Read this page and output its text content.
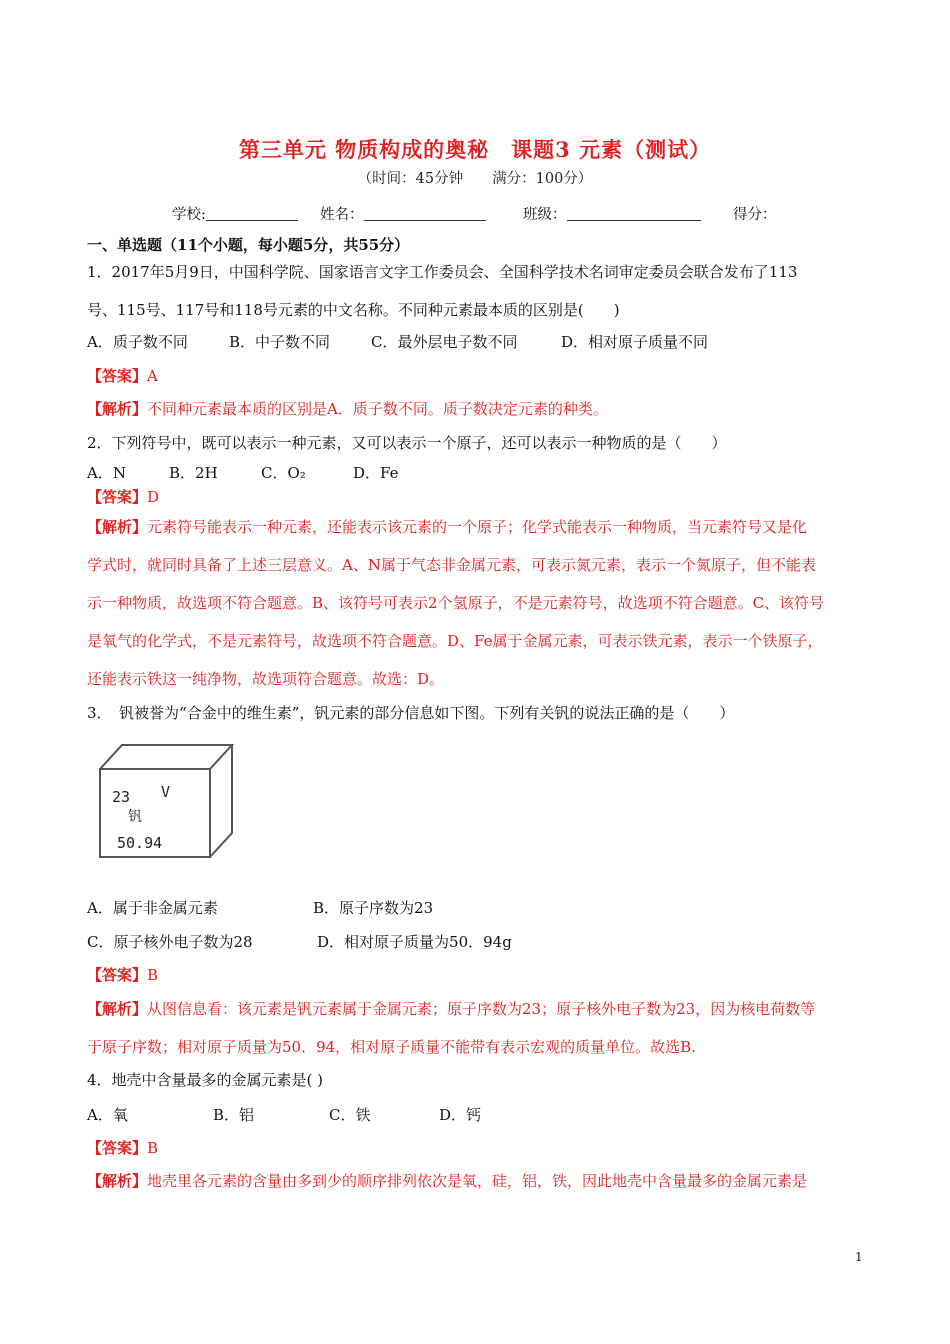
第三单元 物质构成的奥秘　课题3 元素（测试）
（时间：45分钟　　满分：100分）
学校:	姓名：	班级：	得分：
一、单选题（11个小题，每小题5分，共55分）
1．2017年5月9日，中国科学院、国家语言文字工作委员会、全国科学技术名词审定委员会联合发布了113
号、115号、117号和118号元素的中文名称。不同种元素最本质的区别是(　　)
A．质子数不同	B．中子数不同	C．最外层电子数不同	D．相对原子质量不同
【答案】A
【解析】不同种元素最本质的区别是A．质子数不同。质子数决定元素的种类。
2．下列符号中，既可以表示一种元素，又可以表示一个原子，还可以表示一种物质的是（　　）
A．N	B．2H	C．O₂	D．Fe
【答案】D
【解析】元素符号能表示一种元素，还能表示该元素的一个原子；化学式能表示一种物质，当元素符号又是化
学式时，就同时具备了上述三层意义。A、N属于气态非金属元素，可表示氮元素，表示一个氮原子，但不能表
示一种物质，故选项不符合题意。B、该符号可表示2个氢原子，不是元素符号，故选项不符合题意。C、该符号
是氧气的化学式，不是元素符号，故选项不符合题意。D、Fe属于金属元素，可表示铁元素，表示一个铁原子，
还能表示铁这一纯净物，故选项符合题意。故选：D。
3．　钒被誉为“合金中的维生素”，钒元素的部分信息如下图。下列有关钒的说法正确的是（　　）
23 V
钒
50.94
A．属于非金属元素	B．原子序数为23
C．原子核外电子数为28	D．相对原子质量为50．94g
【答案】B
【解析】从图信息看：该元素是钒元素属于金属元素；原子序数为23；原子核外电子数为23，因为核电荷数等
于原子序数；相对原子质量为50．94，相对原子质量不能带有表示宏观的质量单位。故选B.
4．地壳中含量最多的金属元素是( )
A．氧	B．铝	C．铁	D．钙
【答案】B
【解析】地壳里各元素的含量由多到少的顺序排列依次是氧，硅，铝，铁，因此地壳中含量最多的金属元素是
1
